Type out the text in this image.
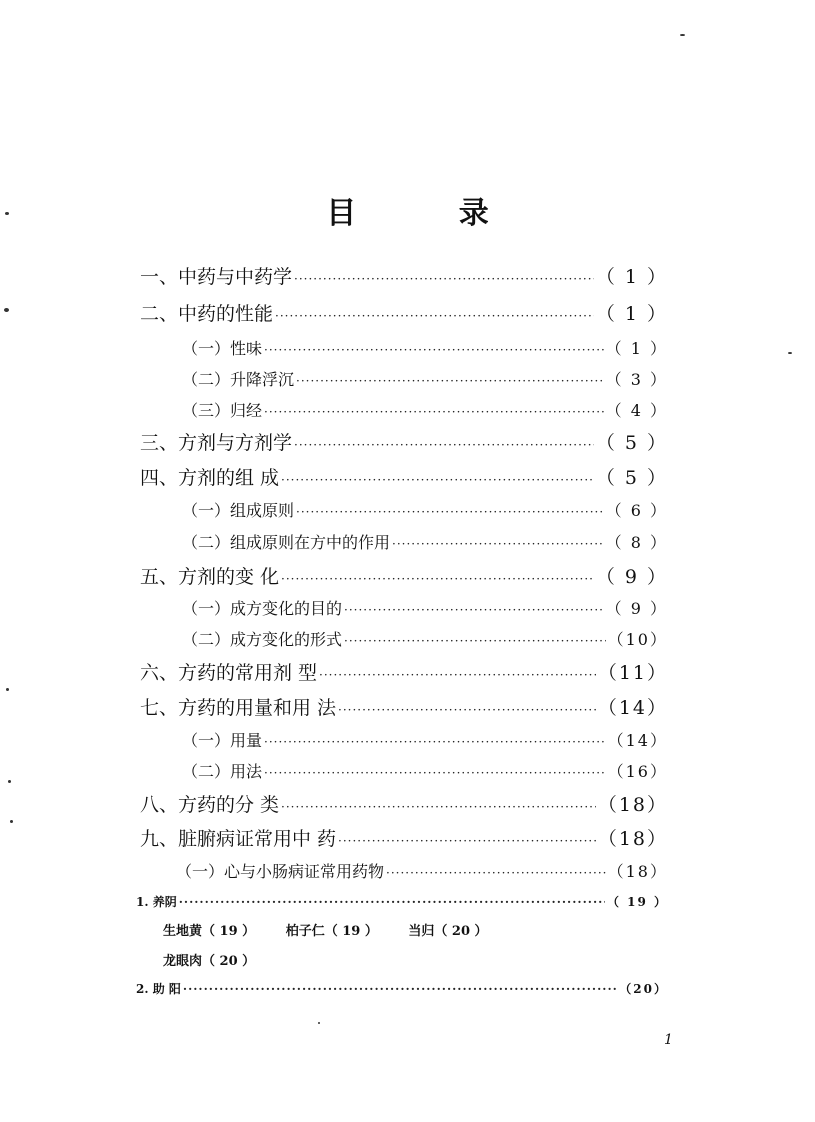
目 录
一、中药与中药学 ·····	（ 1 ）
二、中药的性能 ·····	（ 1 ）
（一）性味 ·····	（ 1 ）
（二）升降浮沉 ·····	（ 3 ）
（三）归经 ·····	（ 4 ）
三、方剂与方剂学 ·····	（ 5 ）
四、方剂的组 成 ·····	（ 5 ）
（一）组成原则 ·····	（ 6 ）
（二）组成原则在方中的作用 ·····	（ 8 ）
五、方剂的变 化 ·····	（ 9 ）
（一）成方变化的目的 ·····	（ 9 ）
（二）成方变化的形式 ·····	（10）
六、方药的常用剂 型 ·····	（11）
七、方药的用量和用 法 ·····	（14）
（一）用量 ·····	（14）
（二）用法 ·····	（16）
八、方药的分 类 ·····	（18）
九、脏腑病证常用中 药 ·····	（18）
（一）心与小肠病证常用药物 ·····	（18）
1. 养阴 ·····	（ 19 ）
生地黄（ 19 ） 柏子仁（ 19 ） 当归（ 20 ）
龙眼肉（ 20 ）
2. 助 阳 ·····	（20）
1
